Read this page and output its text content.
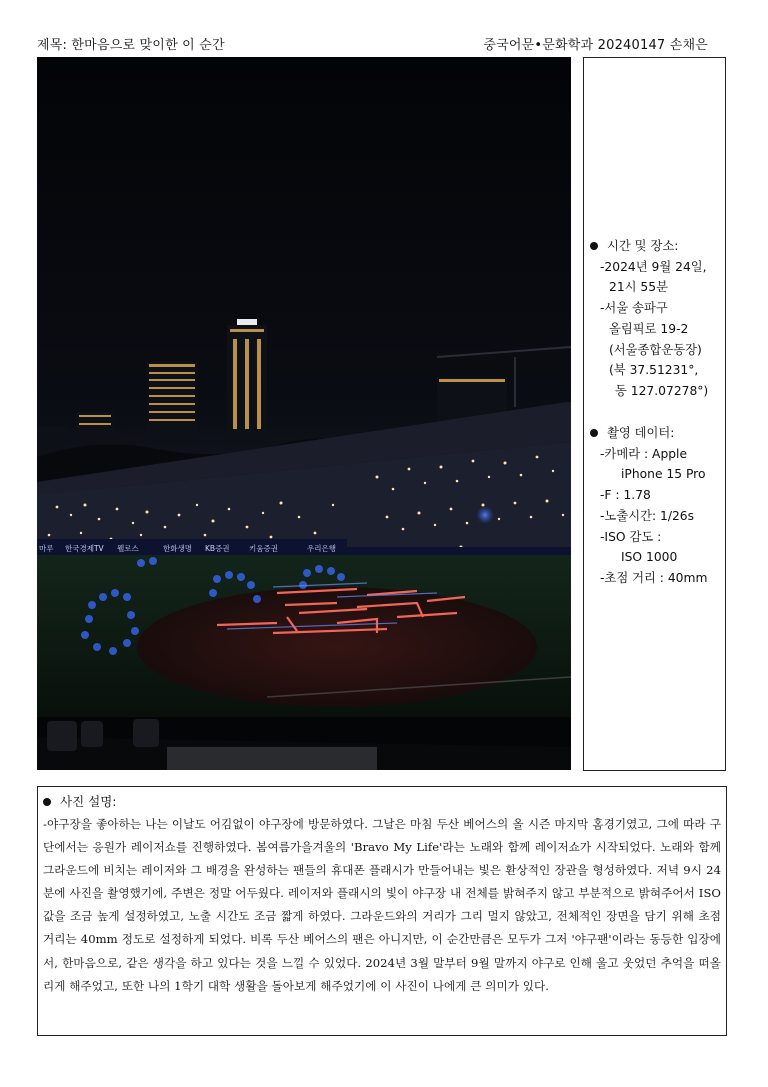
제목: 한마음으로 맞이한 이 순간	중국어문•문화학과 20240147 손채은
마루 한국경제TV 웰로스	한화생명 KB증권	키움증권	우리은행
시간 및 장소:
-2024년 9월 24일,
21시 55분
-서울 송파구
올림픽로 19-2
(서울종합운동장)
(북 37.51231°,
동 127.07278°)
촬영 데이터:
-카메라 : Apple
iPhone 15 Pro
-F : 1.78
-노출시간: 1/26s
-ISO 감도 :
ISO 1000
-초점 거리 : 40mm
사진 설명:

-야구장을 좋아하는 나는 이날도 어김없이 야구장에 방문하였다. 그날은 마침 두산 베어스의 올 시즌 마지막 홈경기였고, 그에 따라 구단에서는 응원가 레이저쇼를 진행하였다. 봄여름가을겨울의 'Bravo My Life'라는 노래와 함께 레이저쇼가 시작되었다. 노래와 함께 그라운드에 비치는 레이저와 그 배경을 완성하는 팬들의 휴대폰 플래시가 만들어내는 빛은 환상적인 장관을 형성하였다. 저녁 9시 24분에 사진을 촬영했기에, 주변은 정말 어두웠다. 레이저와 플래시의 빛이 야구장 내 전체를 밝혀주지 않고 부분적으로 밝혀주어서 ISO 값을 조금 높게 설정하였고, 노출 시간도 조금 짧게 하였다. 그라운드와의 거리가 그리 멀지 않았고, 전체적인 장면을 담기 위해 초점 거리는 40mm 정도로 설정하게 되었다. 비록 두산 베어스의 팬은 아니지만, 이 순간만큼은 모두가 그저 '야구팬'이라는 동등한 입장에서, 한마음으로, 같은 생각을 하고 있다는 것을 느낄 수 있었다. 2024년 3월 말부터 9월 말까지 야구로 인해 울고 웃었던 추억을 떠올리게 해주었고, 또한 나의 1학기 대학 생활을 돌아보게 해주었기에 이 사진이 나에게 큰 의미가 있다.
